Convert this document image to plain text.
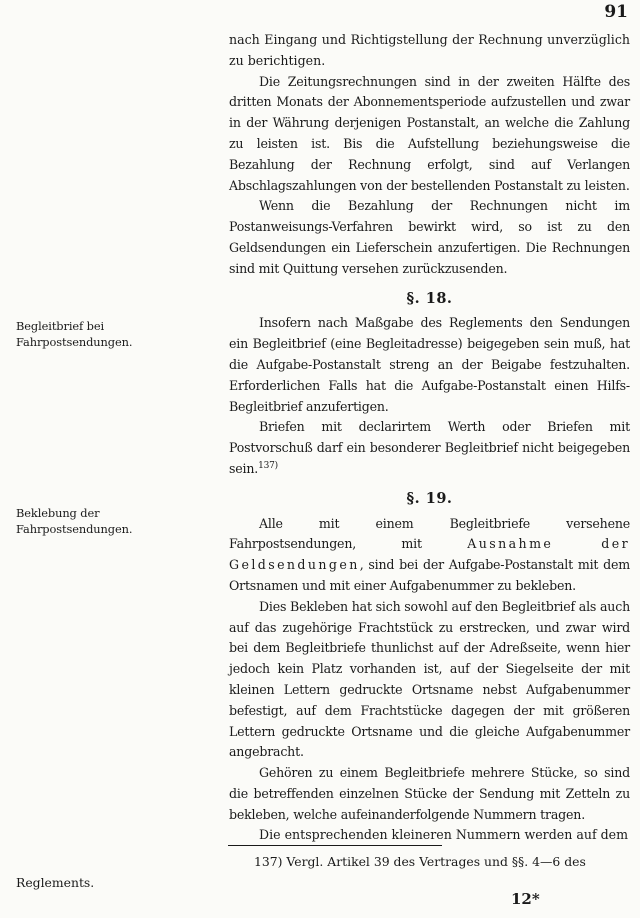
91
Begleitbrief bei Fahrpostsendungen.
Beklebung der Fahrpostsendungen.

nach Eingang und Richtigstellung der Rechnung unverzüglich zu berichtigen.

Die Zeitungsrechnungen sind in der zweiten Hälfte des dritten Monats der Abonnementsperiode aufzustellen und zwar in der Währung derjenigen Postanstalt, an welche die Zahlung zu leisten ist. Bis die Aufstellung beziehungsweise die Bezahlung der Rechnung erfolgt, sind auf Verlangen Abschlagszahlungen von der bestellenden Postanstalt zu leisten.

Wenn die Bezahlung der Rechnungen nicht im Postanweisungs-Verfahren bewirkt wird, so ist zu den Geldsendungen ein Lieferschein anzufertigen. Die Rechnungen sind mit Quittung versehen zurückzusenden.

§. 18.

Insofern nach Maßgabe des Reglements den Sendungen ein Begleitbrief (eine Begleitadresse) beigegeben sein muß, hat die Aufgabe-Postanstalt streng an der Beigabe festzuhalten. Erforderlichen Falls hat die Aufgabe-Postanstalt einen Hilfs-Begleitbrief anzufertigen.

Briefen mit declarirtem Werth oder Briefen mit Postvorschuß darf ein besonderer Begleitbrief nicht beigegeben sein.$^{137)}$

§. 19.

Alle mit einem Begleitbriefe versehene Fahrpostsendungen, mit	Ausnahme der Geldsendungen, sind bei der Aufgabe-Postanstalt mit dem Ortsnamen und mit einer Aufgabenummer zu bekleben.

Dies Bekleben hat sich sowohl auf den Begleitbrief als auch auf das zugehörige Frachtstück zu erstrecken, und zwar wird bei dem Begleitbriefe thunlichst auf der Adreßseite, wenn hier jedoch kein Platz vorhanden ist, auf der Siegelseite der mit kleinen Lettern gedruckte Ortsname nebst Aufgabenummer befestigt, auf dem Frachtstücke dagegen der mit größeren Lettern gedruckte Ortsname und die gleiche Aufgabenummer angebracht.

Gehören zu einem Begleitbriefe mehrere Stücke, so sind die betreffenden einzelnen Stücke der Sendung mit Zetteln zu bekleben, welche aufeinanderfolgende Nummern tragen.

Die entsprechenden kleineren Nummern werden auf dem

137) Vergl. Artikel 39 des Vertrages und §§. 4—6 des Reglements.

12*
